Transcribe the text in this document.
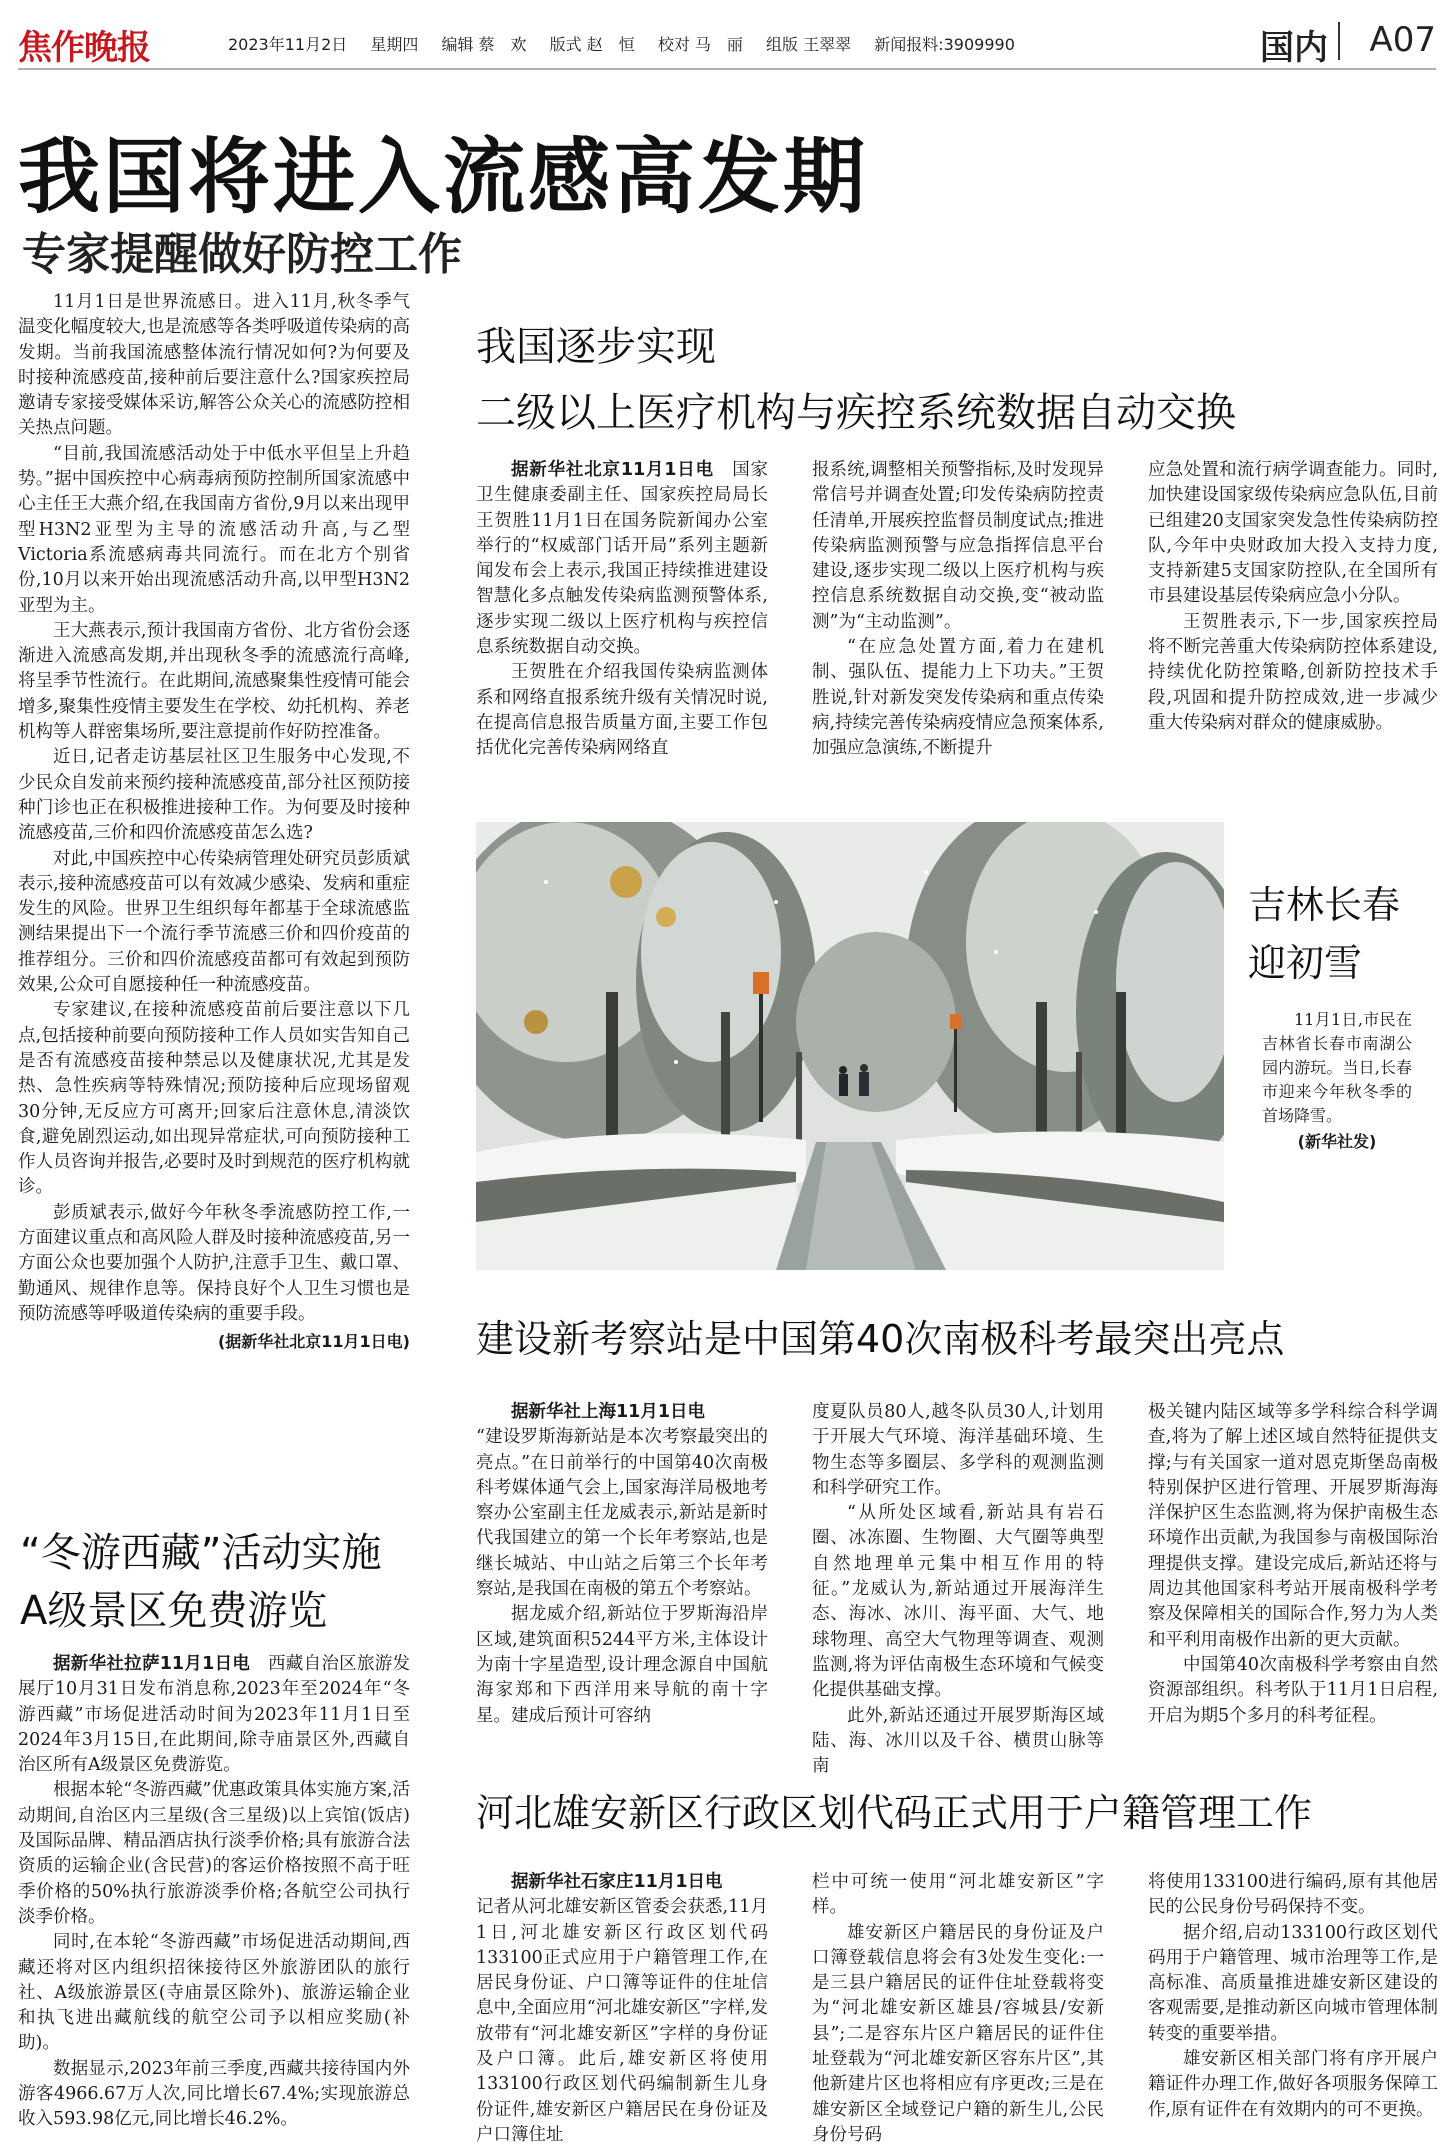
焦作晚报	2023年11月2日 星期四 编辑 蔡　欢 版式 赵　恒 校对 马　丽 组版 王翠翠 新闻报料:3909990	国内 A07
我国将进入流感高发期
专家提醒做好防控工作

11月1日是世界流感日。进入11月,秋冬季气温变化幅度较大,也是流感等各类呼吸道传染病的高发期。当前我国流感整体流行情况如何?为何要及时接种流感疫苗,接种前后要注意什么?国家疾控局邀请专家接受媒体采访,解答公众关心的流感防控相关热点问题。

“目前,我国流感活动处于中低水平但呈上升趋势。”据中国疾控中心病毒病预防控制所国家流感中心主任王大燕介绍,在我国南方省份,9月以来出现甲型H3N2亚型为主导的流感活动升高,与乙型Victoria系流感病毒共同流行。而在北方个别省份,10月以来开始出现流感活动升高,以甲型H3N2亚型为主。

王大燕表示,预计我国南方省份、北方省份会逐渐进入流感高发期,并出现秋冬季的流感流行高峰,将呈季节性流行。在此期间,流感聚集性疫情可能会增多,聚集性疫情主要发生在学校、幼托机构、养老机构等人群密集场所,要注意提前作好防控准备。

近日,记者走访基层社区卫生服务中心发现,不少民众自发前来预约接种流感疫苗,部分社区预防接种门诊也正在积极推进接种工作。为何要及时接种流感疫苗,三价和四价流感疫苗怎么选?

对此,中国疾控中心传染病管理处研究员彭质斌表示,接种流感疫苗可以有效减少感染、发病和重症发生的风险。世界卫生组织每年都基于全球流感监测结果提出下一个流行季节流感三价和四价疫苗的推荐组分。三价和四价流感疫苗都可有效起到预防效果,公众可自愿接种任一种流感疫苗。

专家建议,在接种流感疫苗前后要注意以下几点,包括接种前要向预防接种工作人员如实告知自己是否有流感疫苗接种禁忌以及健康状况,尤其是发热、急性疾病等特殊情况;预防接种后应现场留观30分钟,无反应方可离开;回家后注意休息,清淡饮食,避免剧烈运动,如出现异常症状,可向预防接种工作人员咨询并报告,必要时及时到规范的医疗机构就诊。

彭质斌表示,做好今年秋冬季流感防控工作,一方面建议重点和高风险人群及时接种流感疫苗,另一方面公众也要加强个人防护,注意手卫生、戴口罩、勤通风、规律作息等。保持良好个人卫生习惯也是预防流感等呼吸道传染病的重要手段。

(据新华社北京11月1日电)

“冬游西藏”活动实施
A级景区免费游览

据新华社拉萨11月1日电　 西藏自治区旅游发展厅10月31日发布消息称,2023年至2024年“冬游西藏”市场促进活动时间为2023年11月1日至2024年3月15日,在此期间,除寺庙景区外,西藏自治区所有A级景区免费游览。

根据本轮“冬游西藏”优惠政策具体实施方案,活动期间,自治区内三星级(含三星级)以上宾馆(饭店)及国际品牌、精品酒店执行淡季价格;具有旅游合法资质的运输企业(含民营)的客运价格按照不高于旺季价格的50%执行旅游淡季价格;各航空公司执行淡季价格。

同时,在本轮“冬游西藏”市场促进活动期间,西藏还将对区内组织招徕接待区外旅游团队的旅行社、A级旅游景区(寺庙景区除外)、旅游运输企业和执飞进出藏航线的航空公司予以相应奖励(补助)。

数据显示,2023年前三季度,西藏共接待国内外游客4966.67万人次,同比增长67.4%;实现旅游总收入593.98亿元,同比增长46.2%。

我国逐步实现
二级以上医疗机构与疾控系统数据自动交换

据新华社北京11月1日电　 国家卫生健康委副主任、国家疾控局局长王贺胜11月1日在国务院新闻办公室举行的“权威部门话开局”系列主题新闻发布会上表示,我国正持续推进建设智慧化多点触发传染病监测预警体系,逐步实现二级以上医疗机构与疾控信息系统数据自动交换。

王贺胜在介绍我国传染病监测体系和网络直报系统升级有关情况时说,在提高信息报告质量方面,主要工作包括优化完善传染病网络直

报系统,调整相关预警指标,及时发现异常信号并调查处置;印发传染病防控责任清单,开展疾控监督员制度试点;推进传染病监测预警与应急指挥信息平台建设,逐步实现二级以上医疗机构与疾控信息系统数据自动交换,变“被动监测”为“主动监测”。

“在应急处置方面,着力在建机制、强队伍、提能力上下功夫。”王贺胜说,针对新发突发传染病和重点传染病,持续完善传染病疫情应急预案体系,加强应急演练,不断提升

应急处置和流行病学调查能力。同时,加快建设国家级传染病应急队伍,目前已组建20支国家突发急性传染病防控队,今年中央财政加大投入支持力度,支持新建5支国家防控队,在全国所有市县建设基层传染病应急小分队。

王贺胜表示,下一步,国家疾控局将不断完善重大传染病防控体系建设,持续优化防控策略,创新防控技术手段,巩固和提升防控成效,进一步减少重大传染病对群众的健康威胁。

吉林长春
迎初雪

11月1日,市民在吉林省长春市南湖公园内游玩。当日,长春市迎来今年秋冬季的首场降雪。

(新华社发)

建设新考察站是中国第40次南极科考最突出亮点

据新华社上海11月1日电

“建设罗斯海新站是本次考察最突出的亮点。”在日前举行的中国第40次南极科考媒体通气会上,国家海洋局极地考察办公室副主任龙威表示,新站是新时代我国建立的第一个长年考察站,也是继长城站、中山站之后第三个长年考察站,是我国在南极的第五个考察站。

据龙威介绍,新站位于罗斯海沿岸区域,建筑面积5244平方米,主体设计为南十字星造型,设计理念源自中国航海家郑和下西洋用来导航的南十字星。建成后预计可容纳

度夏队员80人,越冬队员30人,计划用于开展大气环境、海洋基础环境、生物生态等多圈层、多学科的观测监测和科学研究工作。

“从所处区域看,新站具有岩石圈、冰冻圈、生物圈、大气圈等典型自然地理单元集中相互作用的特征。”龙威认为,新站通过开展海洋生态、海冰、冰川、海平面、大气、地球物理、高空大气物理等调查、观测监测,将为评估南极生态环境和气候变化提供基础支撑。

此外,新站还通过开展罗斯海区域陆、海、冰川以及千谷、横贯山脉等南

极关键内陆区域等多学科综合科学调查,将为了解上述区域自然特征提供支撑;与有关国家一道对恩克斯堡岛南极特别保护区进行管理、开展罗斯海海洋保护区生态监测,将为保护南极生态环境作出贡献,为我国参与南极国际治理提供支撑。建设完成后,新站还将与周边其他国家科考站开展南极科学考察及保障相关的国际合作,努力为人类和平利用南极作出新的更大贡献。

中国第40次南极科学考察由自然资源部组织。科考队于11月1日启程,开启为期5个多月的科考征程。

河北雄安新区行政区划代码正式用于户籍管理工作

据新华社石家庄11月1日电

记者从河北雄安新区管委会获悉,11月1日,河北雄安新区行政区划代码133100正式应用于户籍管理工作,在居民身份证、户口簿等证件的住址信息中,全面应用“河北雄安新区”字样,发放带有“河北雄安新区”字样的身份证及户口簿。此后,雄安新区将使用133100行政区划代码编制新生儿身份证件,雄安新区户籍居民在身份证及户口簿住址

栏中可统一使用“河北雄安新区”字样。

雄安新区户籍居民的身份证及户口簿登载信息将会有3处发生变化:一是三县户籍居民的证件住址登载将变为“河北雄安新区雄县/容城县/安新县”;二是容东片区户籍居民的证件住址登载为“河北雄安新区容东片区”,其他新建片区也将相应有序更改;三是在雄安新区全域登记户籍的新生儿,公民身份号码

将使用133100进行编码,原有其他居民的公民身份号码保持不变。

据介绍,启动133100行政区划代码用于户籍管理、城市治理等工作,是高标准、高质量推进雄安新区建设的客观需要,是推动新区向城市管理体制转变的重要举措。

雄安新区相关部门将有序开展户籍证件办理工作,做好各项服务保障工作,原有证件在有效期内的可不更换。
